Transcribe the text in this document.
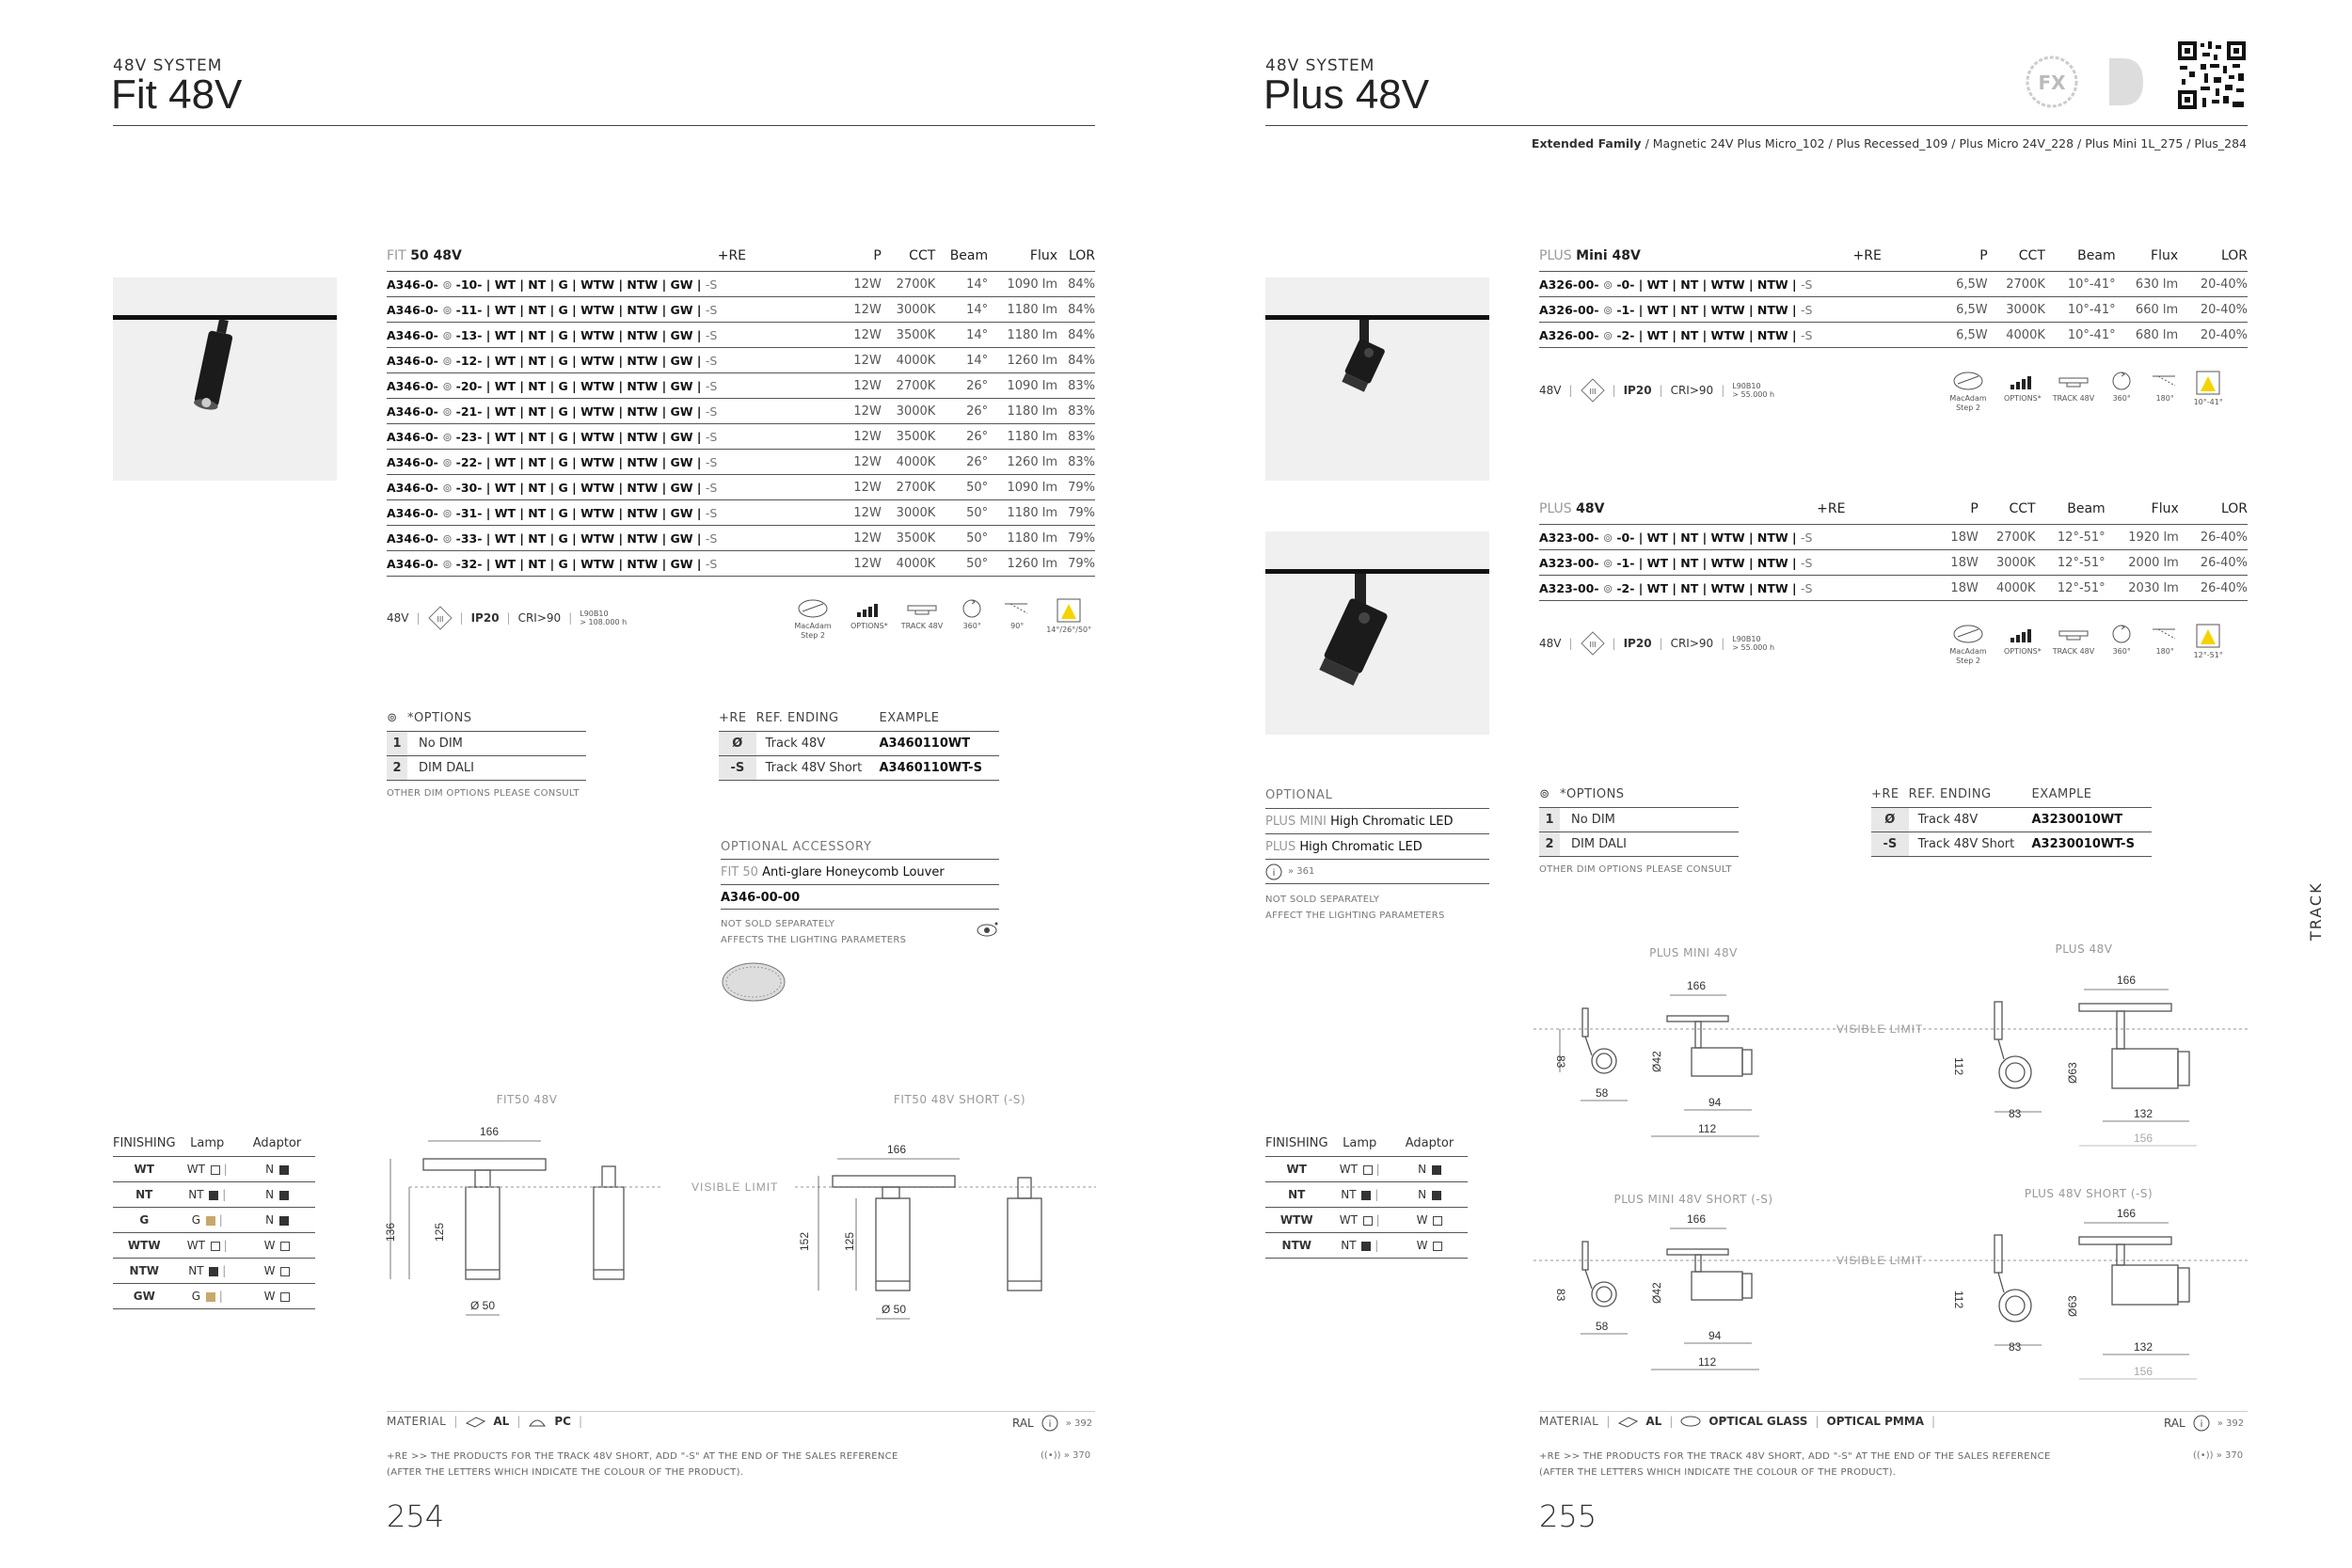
48V SYSTEM
Fit 48V
FIT 50 48V	+RE	P	CCT	Beam	Flux	LOR
A346-0- ⊚ -10- | WT | NT | G | WTW | NTW | GW | -S		12W	2700K	14°	1090 lm	84%
A346-0- ⊚ -11- | WT | NT | G | WTW | NTW | GW | -S		12W	3000K	14°	1180 lm	84%
A346-0- ⊚ -13- | WT | NT | G | WTW | NTW | GW | -S		12W	3500K	14°	1180 lm	84%
A346-0- ⊚ -12- | WT | NT | G | WTW | NTW | GW | -S		12W	4000K	14°	1260 lm	84%
A346-0- ⊚ -20- | WT | NT | G | WTW | NTW | GW | -S		12W	2700K	26°	1090 lm	83%
A346-0- ⊚ -21- | WT | NT | G | WTW | NTW | GW | -S		12W	3000K	26°	1180 lm	83%
A346-0- ⊚ -23- | WT | NT | G | WTW | NTW | GW | -S		12W	3500K	26°	1180 lm	83%
A346-0- ⊚ -22- | WT | NT | G | WTW | NTW | GW | -S		12W	4000K	26°	1260 lm	83%
A346-0- ⊚ -30- | WT | NT | G | WTW | NTW | GW | -S		12W	2700K	50°	1090 lm	79%
A346-0- ⊚ -31- | WT | NT | G | WTW | NTW | GW | -S		12W	3000K	50°	1180 lm	79%
A346-0- ⊚ -33- | WT | NT | G | WTW | NTW | GW | -S		12W	3500K	50°	1180 lm	79%
A346-0- ⊚ -32- | WT | NT | G | WTW | NTW | GW | -S		12W	4000K	50°	1260 lm	79%
48V | III | IP20 | CRI>90 | L90B10
> 108.000 h	MacAdam Step 2
OPTIONS* TRACK 48V	360°	90°	14°/26°/50°
⊚	*OPTIONS
1	No DIM
2	DIM DALI
OTHER DIM OPTIONS PLEASE CONSULT
+RE	REF. ENDING	EXAMPLE
Ø	Track 48V	A3460110WT
-S	Track 48V Short	A3460110WT-S
OPTIONAL ACCESSORY
FIT 50 Anti-glare Honeycomb Louver
A346-00-00
NOT SOLD SEPARATELY
AFFECTS THE LIGHTING PARAMETERS
FINISHING	Lamp	Adaptor
WT	WT  |	N
NT	NT  |	N
G	G  |	N
WTW	WT  |	W
NTW	NT  |	W
GW	G  |	W
FIT50 48V	FIT50 48V SHORT (-S)
166
136	125
Ø 50
VISIBLE LIMIT
166
152	125
Ø 50
MATERIAL |	AL |	PC |	RAL i » 392
+RE >> THE PRODUCTS FOR THE TRACK 48V SHORT, ADD "-S" AT THE END OF THE SALES REFERENCE
(AFTER THE LETTERS WHICH INDICATE THE COLOUR OF THE PRODUCT).
((•)) » 370
254
48V SYSTEM
Plus 48V	FX
Extended Family / Magnetic 24V Plus Micro_102 / Plus Recessed_109 / Plus Micro 24V_228 / Plus Mini 1L_275 / Plus_284
PLUS Mini 48V	+RE	P	CCT	Beam	Flux	LOR
A326-00- ⊚ -0- | WT | NT | WTW | NTW | -S		6,5W	2700K	10°-41°	630 lm	20-40%
A326-00- ⊚ -1- | WT | NT | WTW | NTW | -S		6,5W	3000K	10°-41°	660 lm	20-40%
A326-00- ⊚ -2- | WT | NT | WTW | NTW | -S		6,5W	4000K	10°-41°	680 lm	20-40%
48V | III | IP20 | CRI>90 | L90B10
> 55.000 h	MacAdam Step 2
OPTIONS* TRACK 48V	360°	180°	10°-41°
PLUS 48V	+RE	P	CCT	Beam	Flux	LOR
A323-00- ⊚ -0- | WT | NT | WTW | NTW | -S		18W	2700K	12°-51°	1920 lm	26-40%
A323-00- ⊚ -1- | WT | NT | WTW | NTW | -S		18W	3000K	12°-51°	2000 lm	26-40%
A323-00- ⊚ -2- | WT | NT | WTW | NTW | -S		18W	4000K	12°-51°	2030 lm	26-40%
48V | III | IP20 | CRI>90 | L90B10
> 55.000 h	MacAdam Step 2
OPTIONS* TRACK 48V	360°	180°	12°-51°
OPTIONAL
PLUS MINI High Chromatic LED
PLUS High Chromatic LED
i » 361
NOT SOLD SEPARATELY
AFFECT THE LIGHTING PARAMETERS
⊚	*OPTIONS
1	No DIM
2	DIM DALI
OTHER DIM OPTIONS PLEASE CONSULT
+RE	REF. ENDING	EXAMPLE
Ø	Track 48V	A3230010WT
-S	Track 48V Short	A3230010WT-S
FINISHING	Lamp	Adaptor
WT	WT  |	N
NT	NT  |	N
WTW	WT  |	W
NTW	NT  |	W
PLUS MINI 48V	PLUS 48V
PLUS MINI 48V SHORT (-S)	PLUS 48V SHORT (-S)
166
83
58
Ø42
94
112
VISIBLE LIMIT
166
112	Ø63
83	132
156
166
83
58
Ø42
94
112
VISIBLE LIMIT
166
112	Ø63
83	132
156
MATERIAL |	AL |	OPTICAL GLASS | OPTICAL PMMA |	RAL i » 392
+RE >> THE PRODUCTS FOR THE TRACK 48V SHORT, ADD "-S" AT THE END OF THE SALES REFERENCE
(AFTER THE LETTERS WHICH INDICATE THE COLOUR OF THE PRODUCT).
((•)) » 370
255
TRACK
